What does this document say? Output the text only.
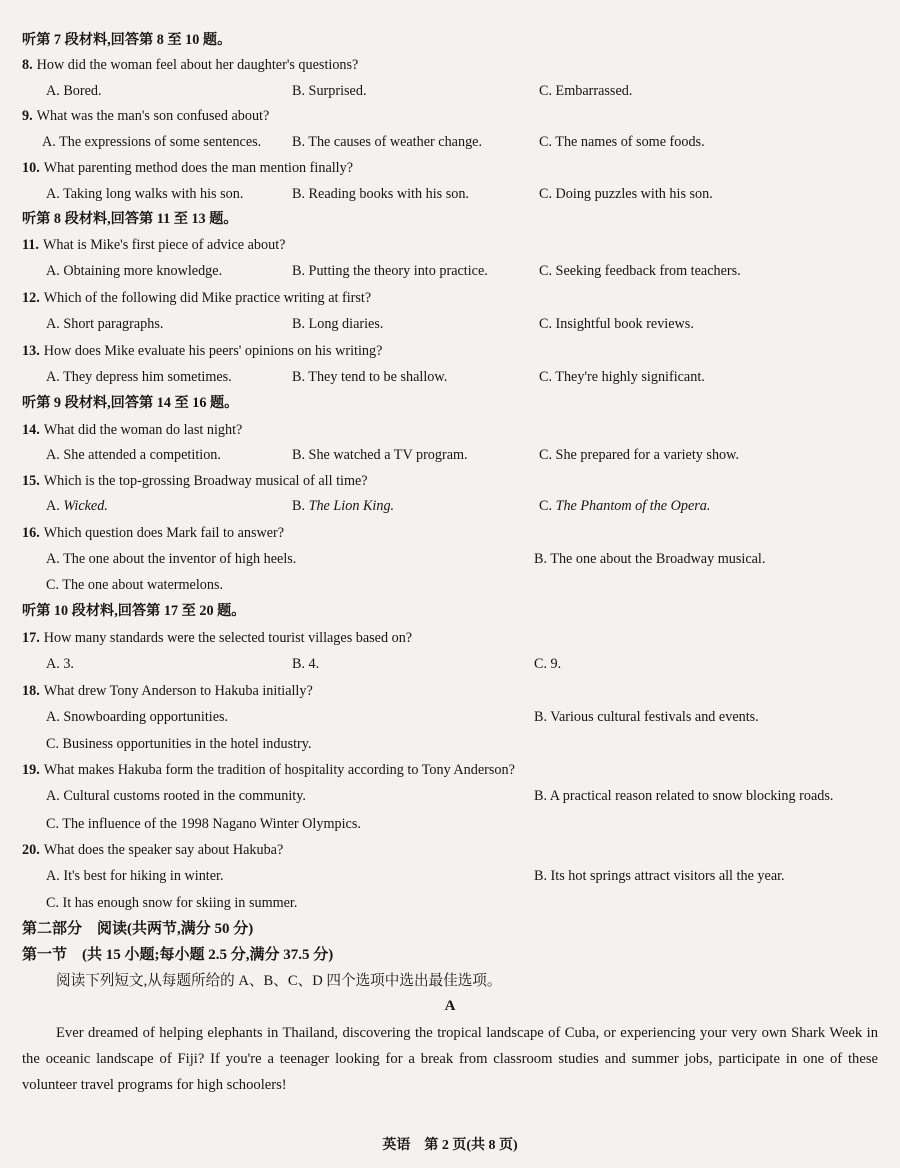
听第 7 段材料,回答第 8 至 10 题。
8. How did the woman feel about her daughter's questions?
A. Bored.	B. Surprised.	C. Embarrassed.
9. What was the man's son confused about?
A. The expressions of some sentences. B. The causes of weather change.	C. The names of some foods.
10. What parenting method does the man mention finally?
A. Taking long walks with his son.	B. Reading books with his son.	C. Doing puzzles with his son.
听第 8 段材料,回答第 11 至 13 题。
11. What is Mike's first piece of advice about?
A. Obtaining more knowledge.	B. Putting the theory into practice.	C. Seeking feedback from teachers.
12. Which of the following did Mike practice writing at first?
A. Short paragraphs.	B. Long diaries.	C. Insightful book reviews.
13. How does Mike evaluate his peers' opinions on his writing?
A. They depress him sometimes.	B. They tend to be shallow.	C. They're highly significant.
听第 9 段材料,回答第 14 至 16 题。
14. What did the woman do last night?
A. She attended a competition.	B. She watched a TV program.	C. She prepared for a variety show.
15. Which is the top-grossing Broadway musical of all time?
A. Wicked.	B. The Lion King.	C. The Phantom of the Opera.
16. Which question does Mark fail to answer?
A. The one about the inventor of high heels.	B. The one about the Broadway musical.
C. The one about watermelons.
听第 10 段材料,回答第 17 至 20 题。
17. How many standards were the selected tourist villages based on?
A. 3.	B. 4.	C. 9.
18. What drew Tony Anderson to Hakuba initially?
A. Snowboarding opportunities.	B. Various cultural festivals and events.
C. Business opportunities in the hotel industry.
19. What makes Hakuba form the tradition of hospitality according to Tony Anderson?
A. Cultural customs rooted in the community.	B. A practical reason related to snow blocking roads.
C. The influence of the 1998 Nagano Winter Olympics.
20. What does the speaker say about Hakuba?
A. It's best for hiking in winter.	B. Its hot springs attract visitors all the year.
C. It has enough snow for skiing in summer.
第二部分　阅读(共两节,满分 50 分)
第一节　(共 15 小题;每小题 2.5 分,满分 37.5 分)
阅读下列短文,从每题所给的 A、B、C、D 四个选项中选出最佳选项。
A
Ever dreamed of helping elephants in Thailand, discovering the tropical landscape of Cuba, or experiencing your very own Shark Week in the oceanic landscape of Fiji? If you're a teenager looking for a break from classroom studies and summer jobs, participate in one of these volunteer travel programs for high schoolers!
英语　第 2 页(共 8 页)
